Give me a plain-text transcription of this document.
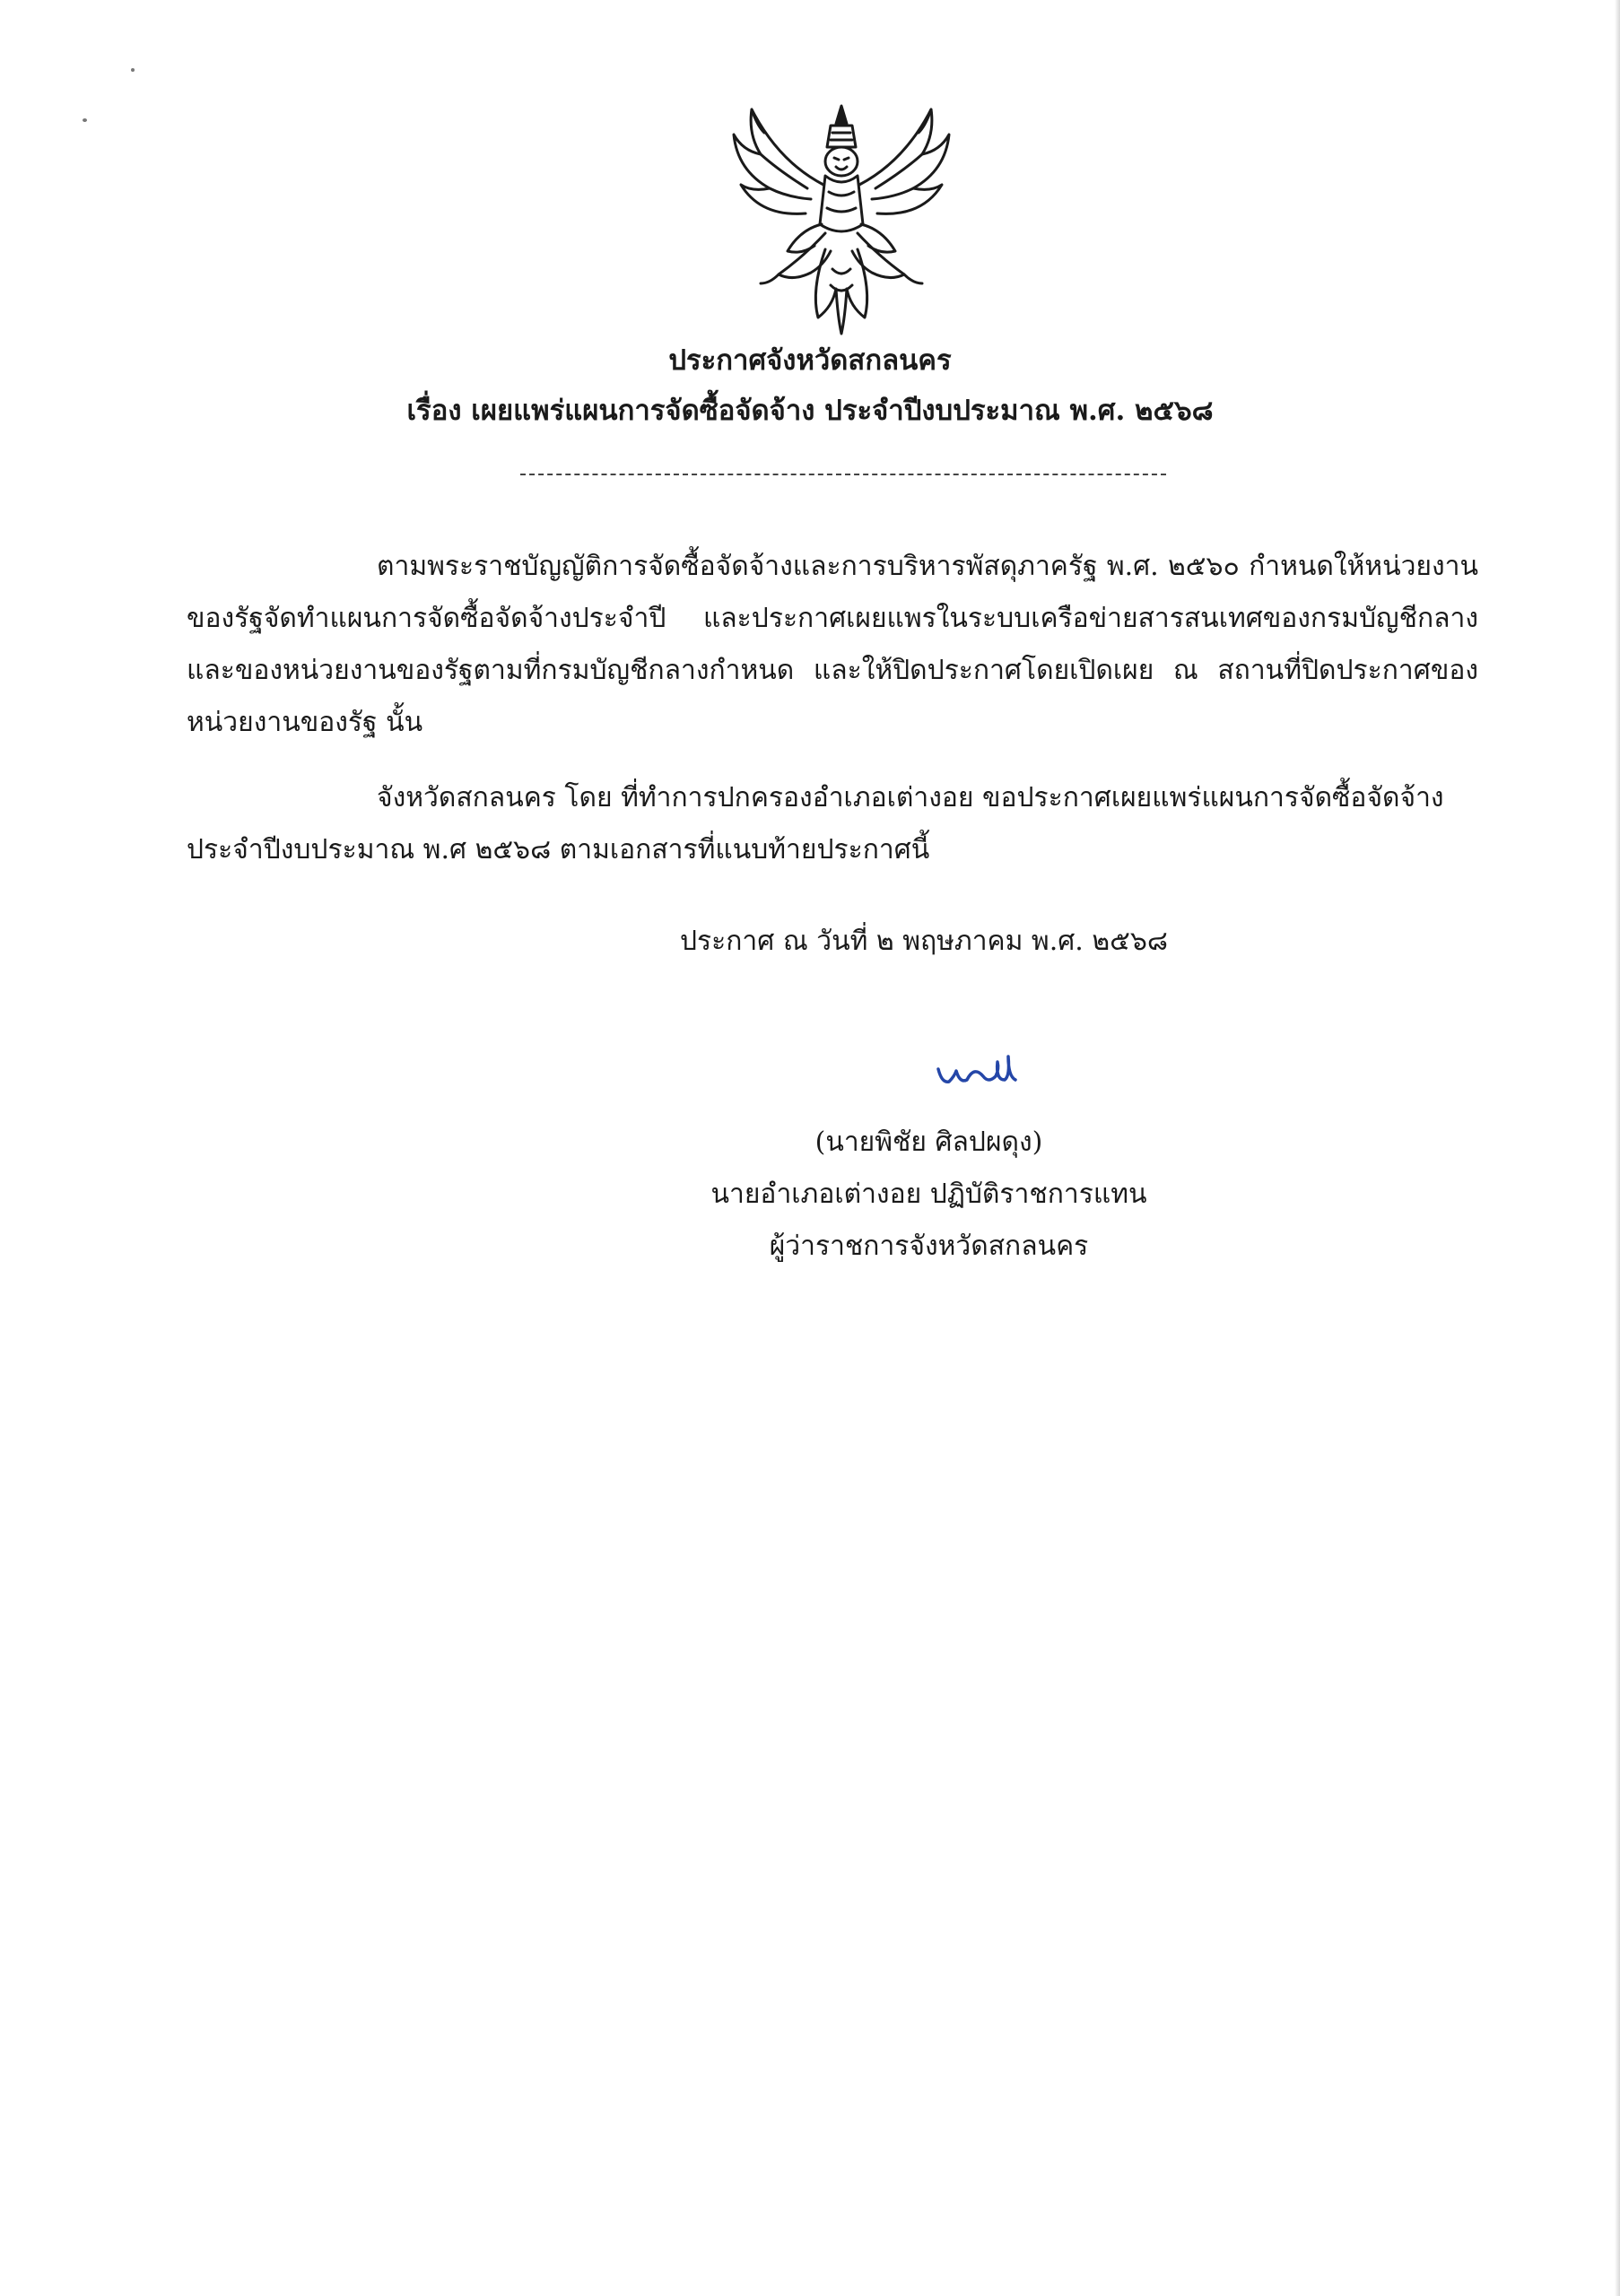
ประกาศจังหวัดสกลนคร
เรื่อง เผยแพร่แผนการจัดซื้อจัดจ้าง ประจำปีงบประมาณ พ.ศ. ๒๕๖๘
ตามพระราชบัญญัติการจัดซื้อจัดจ้างและการบริหารพัสดุภาครัฐ พ.ศ. ๒๕๖๐ กำหนดให้หน่วยงาน
ของรัฐจัดทำแผนการจัดซื้อจัดจ้างประจำปี และประกาศเผยแพรในระบบเครือข่ายสารสนเทศของกรมบัญชีกลาง
และของหน่วยงานของรัฐตามที่กรมบัญชีกลางกำหนด และให้ปิดประกาศโดยเปิดเผย ณ สถานที่ปิดประกาศของ
หน่วยงานของรัฐ นั้น
จังหวัดสกลนคร โดย ที่ทำการปกครองอำเภอเต่างอย ขอประกาศเผยแพร่แผนการจัดซื้อจัดจ้าง
ประจำปีงบประมาณ พ.ศ ๒๕๖๘ ตามเอกสารที่แนบท้ายประกาศนี้
ประกาศ ณ วันที่ ๒ พฤษภาคม พ.ศ. ๒๕๖๘
(นายพิชัย ศิลปผดุง)
นายอำเภอเต่างอย ปฏิบัติราชการแทน
ผู้ว่าราชการจังหวัดสกลนคร
